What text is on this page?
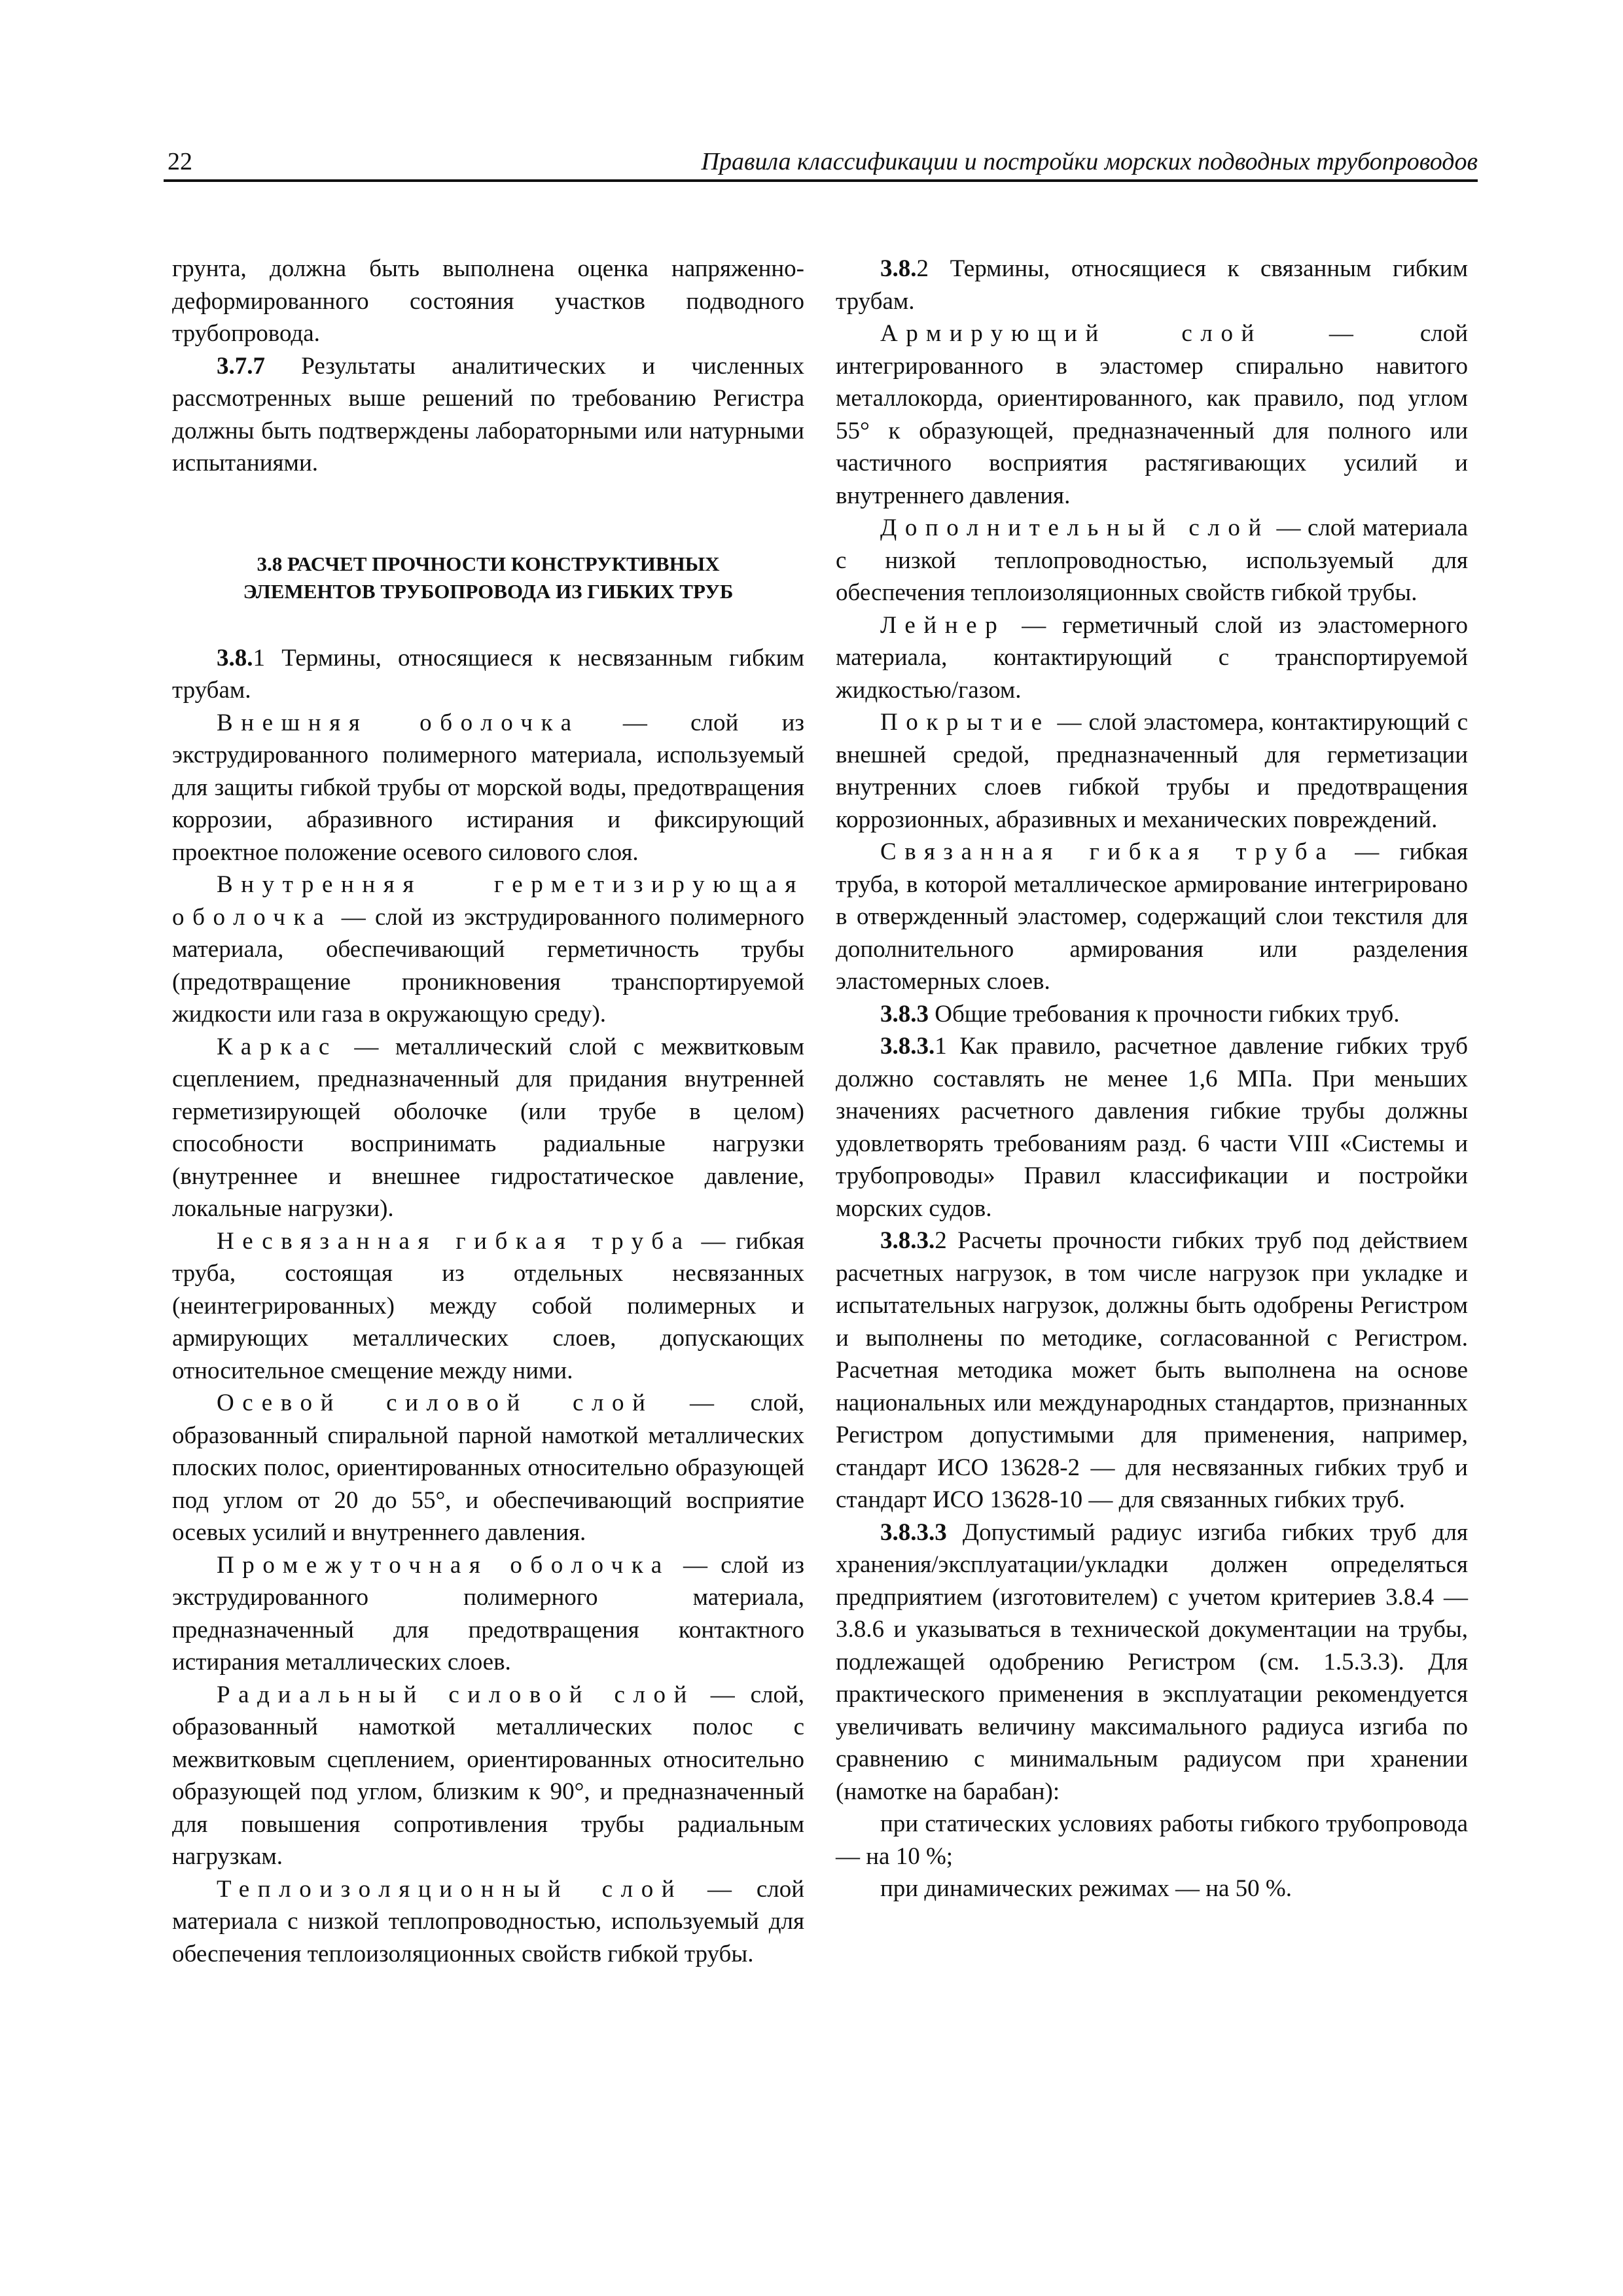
22	Правила классификации и постройки морских подводных трубопроводов

грунта, должна быть выполнена оценка напряженно-деформированного состояния участков подводного трубопровода.

3.7.7 Результаты аналитических и численных рассмотренных выше решений по требованию Регистра должны быть подтверждены лабораторными или натурными испытаниями.

3.8 РАСЧЕТ ПРОЧНОСТИ КОНСТРУКТИВНЫХ
ЭЛЕМЕНТОВ ТРУБОПРОВОДА ИЗ ГИБКИХ ТРУБ

3.8.1 Термины, относящиеся к несвязанным гибким трубам.

Внешняя оболочка — слой из экструдированного полимерного материала, используемый для защиты гибкой трубы от морской воды, предотвращения коррозии, абразивного истирания и фиксирующий проектное положение осевого силового слоя.

Внутренняя герметизирующая оболочка — слой из экструдированного полимерного материала, обеспечивающий герметичность трубы (предотвращение проникновения транспортируемой жидкости или газа в окружающую среду).

Каркас — металлический слой с межвитковым сцеплением, предназначенный для придания внутренней герметизирующей оболочке (или трубе в целом) способности воспринимать радиальные нагрузки (внутреннее и внешнее гидростатическое давление, локальные нагрузки).

Несвязанная гибкая труба — гибкая труба, состоящая из отдельных несвязанных (неинтегрированных) между собой полимерных и армирующих металлических слоев, допускающих относительное смещение между ними.

Осевой силовой слой — слой, образованный спиральной парной намоткой металлических плоских полос, ориентированных относительно образующей под углом от 20 до 55°, и обеспечивающий восприятие осевых усилий и внутреннего давления.

Промежуточная оболочка — слой из экструдированного полимерного материала, предназначенный для предотвращения контактного истирания металлических слоев.

Радиальный силовой слой — слой, образованный намоткой металлических полос с межвитковым сцеплением, ориентированных относительно образующей под углом, близким к 90°, и предназначенный для повышения сопротивления трубы радиальным нагрузкам.

Теплоизоляционный слой — слой материала с низкой теплопроводностью, используемый для обеспечения теплоизоляционных свойств гибкой трубы.

3.8.2 Термины, относящиеся к связанным гибким трубам.

Армирующий слой — слой интегрированного в эластомер спирально навитого металлокорда, ориентированного, как правило, под углом 55° к образующей, предназначенный для полного или частичного восприятия растягивающих усилий и внутреннего давления.

Дополнительный слой — слой материала с низкой теплопроводностью, используемый для обеспечения теплоизоляционных свойств гибкой трубы.

Лейнер — герметичный слой из эластомерного материала, контактирующий с транспортируемой жидкостью/газом.

Покрытие — слой эластомера, контактирующий с внешней средой, предназначенный для герметизации внутренних слоев гибкой трубы и предотвращения коррозионных, абразивных и механических повреждений.

Связанная гибкая труба — гибкая труба, в которой металлическое армирование интегрировано в отвержденный эластомер, содержащий слои текстиля для дополнительного армирования или разделения эластомерных слоев.

3.8.3 Общие требования к прочности гибких труб.

3.8.3.1 Как правило, расчетное давление гибких труб должно составлять не менее 1,6 МПа. При меньших значениях расчетного давления гибкие трубы должны удовлетворять требованиям разд. 6 части VIII «Системы и трубопроводы» Правил классификации и постройки морских судов.

3.8.3.2 Расчеты прочности гибких труб под действием расчетных нагрузок, в том числе нагрузок при укладке и испытательных нагрузок, должны быть одобрены Регистром и выполнены по методике, согласованной с Регистром. Расчетная методика может быть выполнена на основе национальных или международных стандартов, признанных Регистром допустимыми для применения, например, стандарт ИСО 13628-2 — для несвязанных гибких труб и стандарт ИСО 13628-10 — для связанных гибких труб.

3.8.3.3 Допустимый радиус изгиба гибких труб для хранения/эксплуатации/укладки должен определяться предприятием (изготовителем) с учетом критериев 3.8.4 — 3.8.6 и указываться в технической документации на трубы, подлежащей одобрению Регистром (см. 1.5.3.3). Для практического применения в эксплуатации рекомендуется увеличивать величину максимального радиуса изгиба по сравнению с минимальным радиусом при хранении (намотке на барабан):

при статических условиях работы гибкого трубопровода — на 10 %;

при динамических режимах — на 50 %.
